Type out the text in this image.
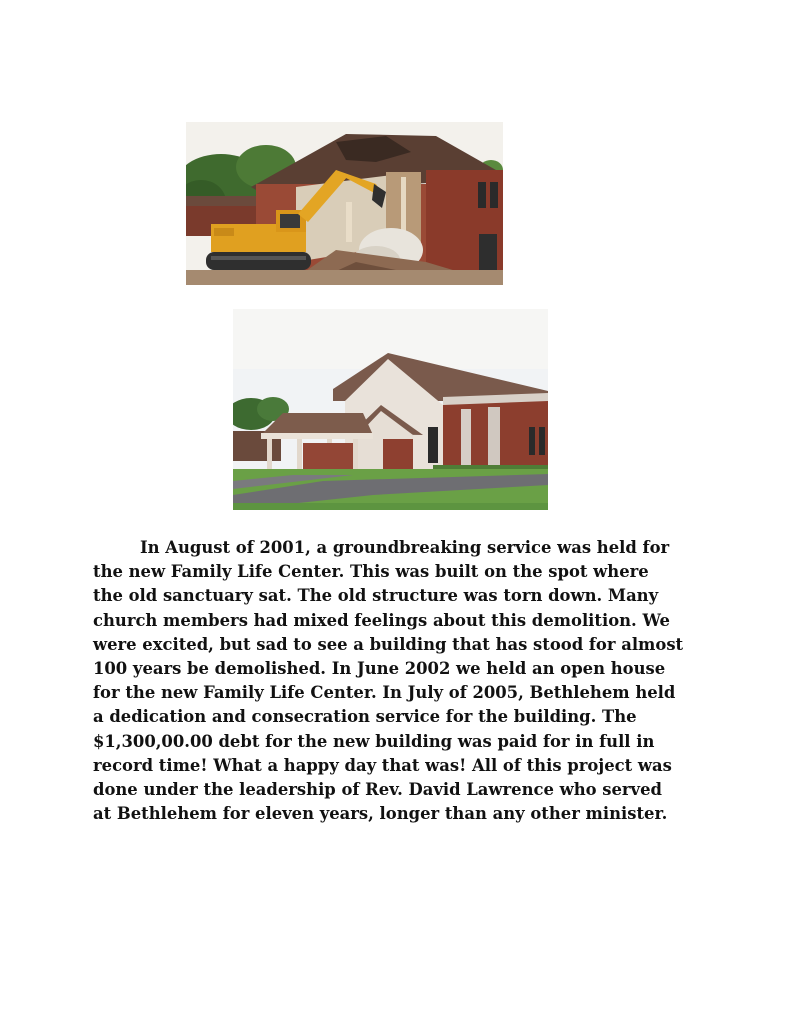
In August of 2001, a groundbreaking service was held for
the new Family Life Center. This was built on the spot where
the old sanctuary sat. The old structure was torn down. Many
church members had mixed feelings about this demolition. We
were excited, but sad to see a building that has stood for almost
100 years be demolished. In June 2002 we held an open house
for the new Family Life Center. In July of 2005, Bethlehem held
a dedication and consecration service for the building. The
$1,300,00.00 debt for the new building was paid for in full in
record time! What a happy day that was! All of this project was
done under the leadership of Rev. David Lawrence who served
at Bethlehem for eleven years, longer than any other minister.
